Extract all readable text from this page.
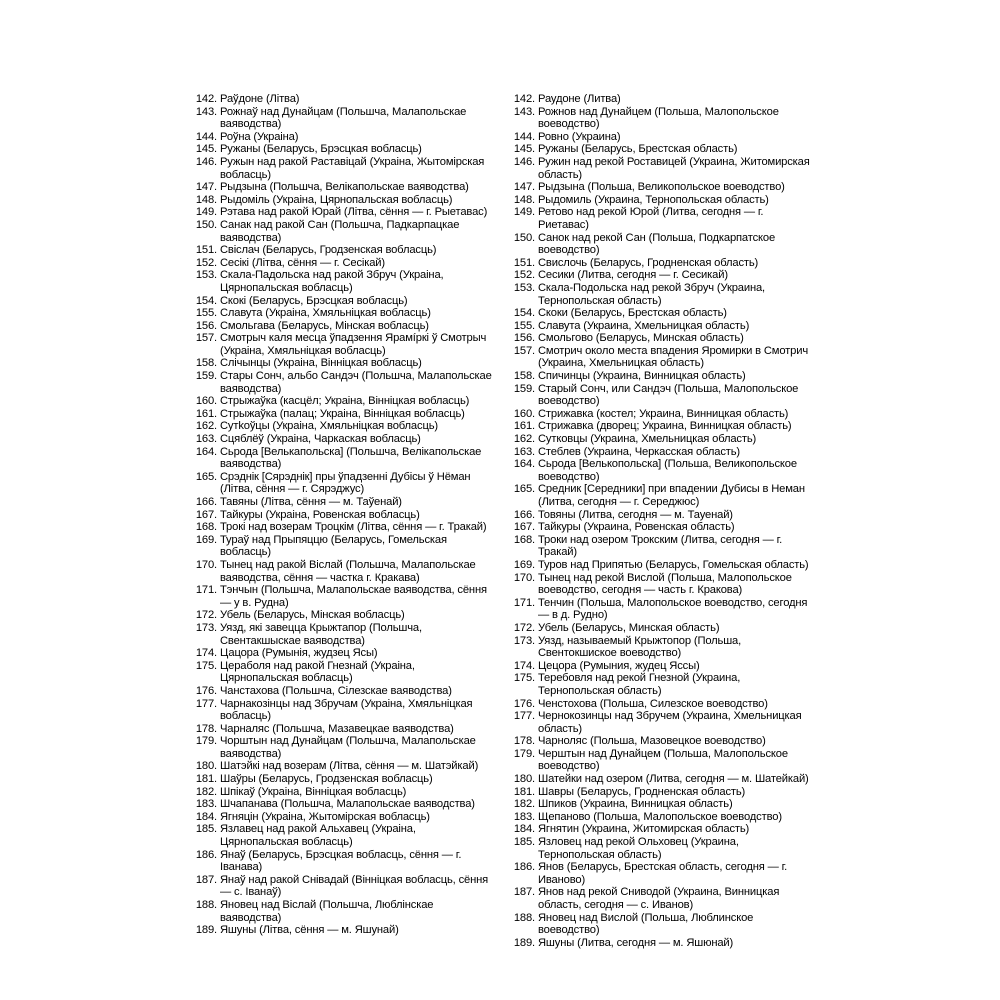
142. Раўдоне (Літва)
143. Рожнаў над Дунайцам (Польшча, Малапольскае ваяводства)
144. Роўна (Украіна)
145. Ружаны (Беларусь, Брэсцкая вобласць)
146. Ружын над ракой Раставіцай (Украіна, Жытомірская вобласць)
147. Рыдзына (Польшча, Велікапольскае ваяводства)
148. Рыдоміль (Украіна, Цярнопальская вобласць)
149. Рэтава над ракой Юрай (Літва, сёння — г. Рыетавас)
150. Санак над ракой Сан (Польшча, Падкарпацкае ваяводства)
151. Свіслач (Беларусь, Гродзенская вобласць)
152. Сесікі (Літва, сёння — г. Сесікай)
153. Скала-Падольска над ракой Збруч (Украіна, Цярнопальская вобласць)
154. Скокі (Беларусь, Брэсцкая вобласць)
155. Славута (Украіна, Хмяльніцкая вобласць)
156. Смольгава (Беларусь, Мінская вобласць)
157. Смотрыч каля месца ўпадзення Ярамíркі ў Смотрыч (Украіна, Хмяльніцкая вобласць)
158. Слічынцы (Украіна, Вінніцкая вобласць)
159. Стары Сонч, альбо Сандэч (Польшча, Малапольскае ваяводства)
160. Стрыжаўка (касцёл; Украіна, Вінніцкая вобласць)
161. Стрыжаўка (палац; Украіна, Вінніцкая вобласць)
162. Сутkoўцы (Украіна, Хмяльніцкая вобласць)
163. Сцяблёў (Украіна, Чаркаская вобласць)
164. Сьрода [Велькапольска] (Польшча, Велікапольскае ваяводства)
165. Срэднік [Сярэднік] пры ўпадзенні Дубісы ў Нёман (Літва, сёння — г. Сярэджус)
166. Тавяны (Літва, сёння — м. Таўенай)
167. Тайкуры (Украіна, Ровенская вобласць)
168. Трокі над возерам Троцкім (Літва, сёння — г. Тракай)
169. Тураў над Прыпяццю (Беларусь, Гомельская вобласць)
170. Тынец над ракой Віслай (Польшча, Малапольскае ваяводства, сёння — частка г. Кракава)
171. Тэнчын (Польшча, Малапольскае ваяводства, сёння — у в. Рудна)
172. Убель (Беларусь, Мінская вобласць)
173. Уязд, які завецца Крыжтапор (Польшча, Свентакшыскае ваяводства)
174. Цацора (Румынія, жудзец Ясы)
175. Цераболя над ракой Гнезнай (Украіна, Цярнопальская вобласць)
176. Чанстахова (Польшча, Сілезскае ваяводства)
177. Чарнакозінцы над Збручам (Украіна, Хмяльніцкая вобласць)
178. Чарналяс (Польшча, Мазавецкае ваяводства)
179. Чорштын над Дунайцам (Польшча, Малапольскае ваяводства)
180. Шатэйкі над возерам (Літва, сёння — м. Шатэйкай)
181. Шаўры (Беларусь, Гродзенская вобласць)
182. Шпікаў (Украіна, Вінніцкая вобласць)
183. Шчапанава (Польшча, Малапольскае ваяводства)
184. Ягняцін (Украіна, Жытомірская вобласць)
185. Язлавец над ракой Альхавец (Украіна, Цярнопальская вобласць)
186. Янаў (Беларусь, Брэсцкая вобласць, сёння — г. Іванава)
187. Янаў над ракой Снівадай (Вінніцкая вобласць, сёння — с. Іванаў)
188. Яновец над Віслай (Польшча, Люблінскае ваяводства)
189. Яшуны (Літва, сёння — м. Яшунай)
142. Раудоне (Литва)
143. Рожнов над Дунайцем (Польша, Малопольское воеводство)
144. Ровно (Украина)
145. Ружаны (Беларусь, Брестская область)
146. Ружин над рекой Роставицей (Украина, Житомирская область)
147. Рыдзына (Польша, Великопольское воеводство)
148. Рыдомиль (Украина, Тернопольская область)
149. Ретово над рекой Юрой (Литва, сегодня — г. Риетавас)
150. Санок над рекой Сан (Польша, Подкарпатское воеводство)
151. Свислочь (Беларусь, Гродненская область)
152. Сесики (Литва, сегодня — г. Сесикай)
153. Скала-Подольска над рекой Збруч (Украина, Тернопольская область)
154. Скоки (Беларусь, Брестская область)
155. Славута (Украина, Хмельницкая область)
156. Смольгово (Беларусь, Минская область)
157. Смотрич около места впадения Яромирки в Смотрич (Украина, Хмельницкая область)
158. Спичинцы (Украина, Винницкая область)
159. Старый Сонч, или Сандэч (Польша, Малопольское воеводство)
160. Стрижавка (костел; Украина, Винницкая область)
161. Стрижавка (дворец; Украина, Винницкая область)
162. Сутковцы (Украина, Хмельницкая область)
163. Стеблев (Украина, Черкасская область)
164. Сьрода [Велькопольска] (Польша, Великопольское воеводство)
165. Средник [Середники] при впадении Дубисы в Неман (Литва, сегодня — г. Середжюс)
166. Товяны (Литва, сегодня — м. Тауенай)
167. Тайкуры (Украина, Ровенская область)
168. Троки над озером Трокским (Литва, сегодня — г. Тракай)
169. Туров над Припятью (Беларусь, Гомельская область)
170. Тынец над рекой Вислой (Польша, Малопольское воеводство, сегодня — часть г. Кракова)
171. Тенчин (Польша, Малопольское воеводство, сегодня — в д. Рудно)
172. Убель (Беларусь, Минская область)
173. Уязд, называемый Крыжтопор (Польша, Свентокшиское воеводство)
174. Цецора (Румыния, жудец Яссы)
175. Теребовля над рекой Гнезной (Украина, Тернопольская область)
176. Ченстохова (Польша, Силезское воеводство)
177. Чернокозинцы над Збручем (Украина, Хмельницкая область)
178. Чарноляс (Польша, Мазовецкое воеводство)
179. Черштын над Дунайцем (Польша, Малопольское воеводство)
180. Шатейки над озером (Литва, сегодня — м. Шатейкай)
181. Шавры (Беларусь, Гродненская область)
182. Шпиков (Украина, Винницкая область)
183. Щепаново (Польша, Малопольское воеводство)
184. Ягнятин (Украина, Житомирская область)
185. Язловец над рекой Ольховец (Украина, Тернопольская область)
186. Янов (Беларусь, Брестская область, сегодня — г. Иваново)
187. Янов над рекой Сниводой (Украина, Винницкая область, сегодня — с. Иванов)
188. Яновец над Вислой (Польша, Люблинское воеводство)
189. Яшуны (Литва, сегодня — м. Яшюнай)
